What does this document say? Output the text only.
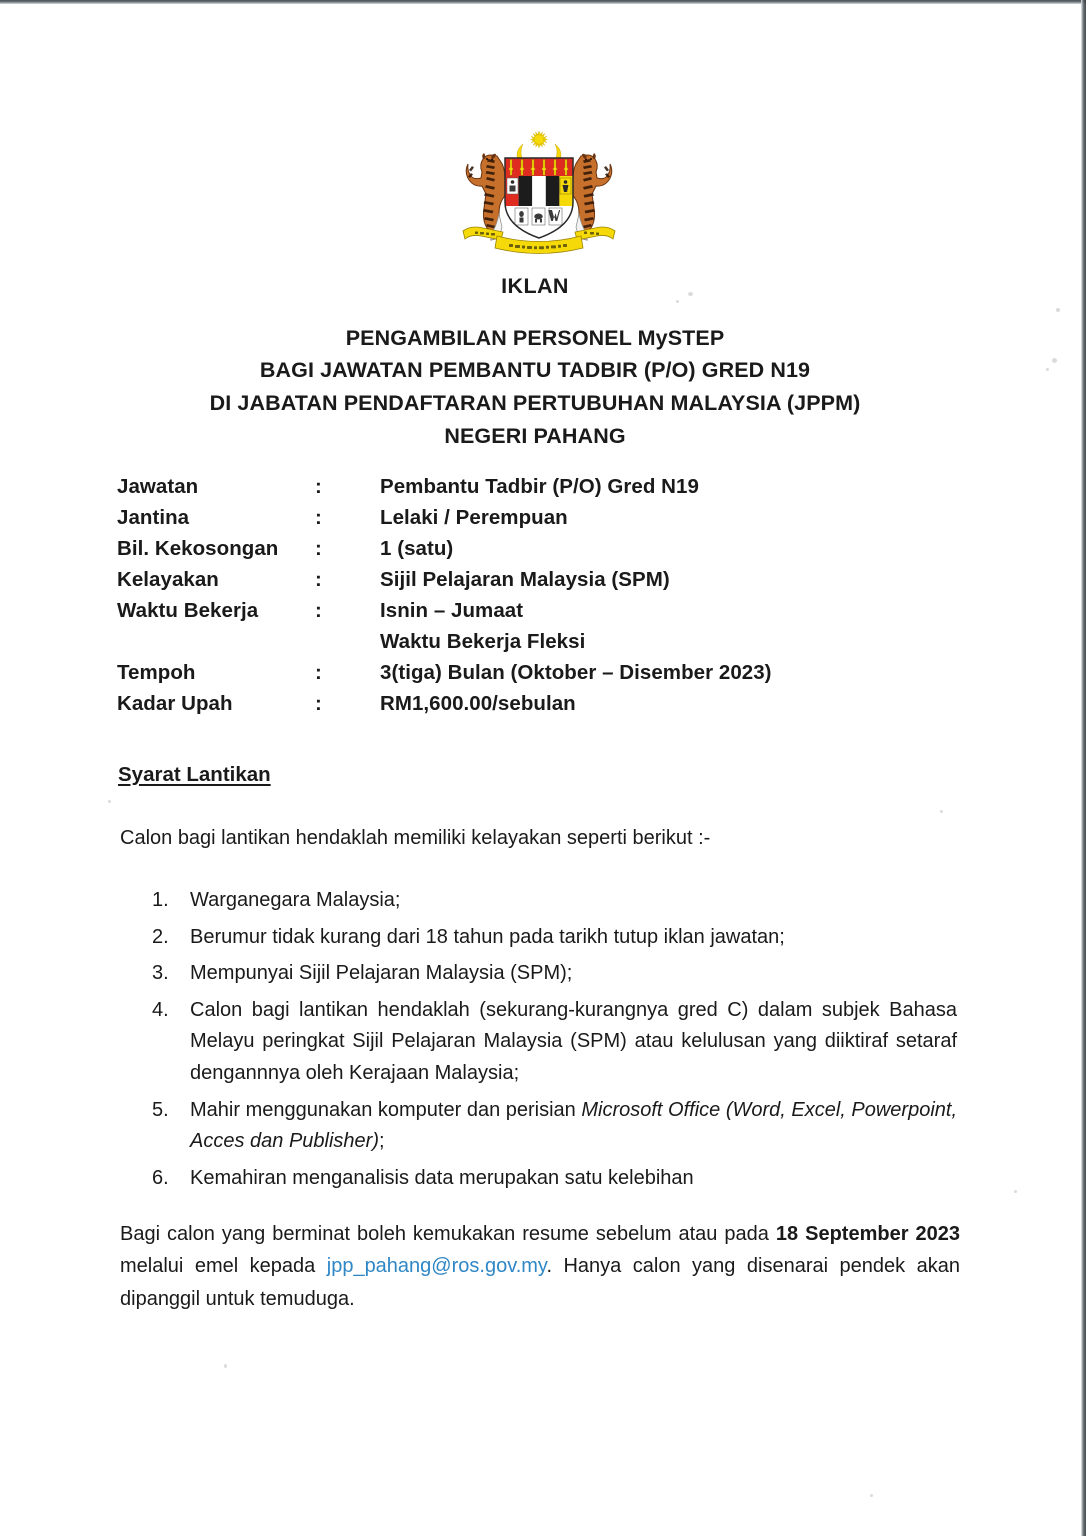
IKLAN
PENGAMBILAN PERSONEL MySTEP
BAGI JAWATAN PEMBANTU TADBIR (P/O) GRED N19
DI JABATAN PENDAFTARAN PERTUBUHAN MALAYSIA (JPPM)
NEGERI PAHANG
Jawatan	:	Pembantu Tadbir (P/O) Gred N19
Jantina	:	Lelaki / Perempuan
Bil. Kekosongan	:	1 (satu)
Kelayakan	:	Sijil Pelajaran Malaysia (SPM)
Waktu Bekerja	:	Isnin – Jumaat
Waktu Bekerja Fleksi
Tempoh	:	3(tiga) Bulan (Oktober – Disember 2023)
Kadar Upah	:	RM1,600.00/sebulan
Syarat Lantikan
Calon bagi lantikan hendaklah memiliki kelayakan seperti berikut :-
1.	Warganegara Malaysia;
2.	Berumur tidak kurang dari 18 tahun pada tarikh tutup iklan jawatan;
3.	Mempunyai Sijil Pelajaran Malaysia (SPM);
4.	Calon bagi lantikan hendaklah (sekurang-kurangnya gred C) dalam subjek Bahasa Melayu peringkat Sijil Pelajaran Malaysia (SPM) atau kelulusan yang diiktiraf setaraf dengannnya oleh Kerajaan Malaysia;
5.	Mahir menggunakan komputer dan perisian Microsoft Office (Word, Excel, Powerpoint, Acces dan Publisher);
6.	Kemahiran menganalisis data merupakan satu kelebihan
Bagi calon yang berminat boleh kemukakan resume sebelum atau pada 18 September 2023 melalui emel kepada jpp_pahang@ros.gov.my. Hanya calon yang disenarai pendek akan dipanggil untuk temuduga.
